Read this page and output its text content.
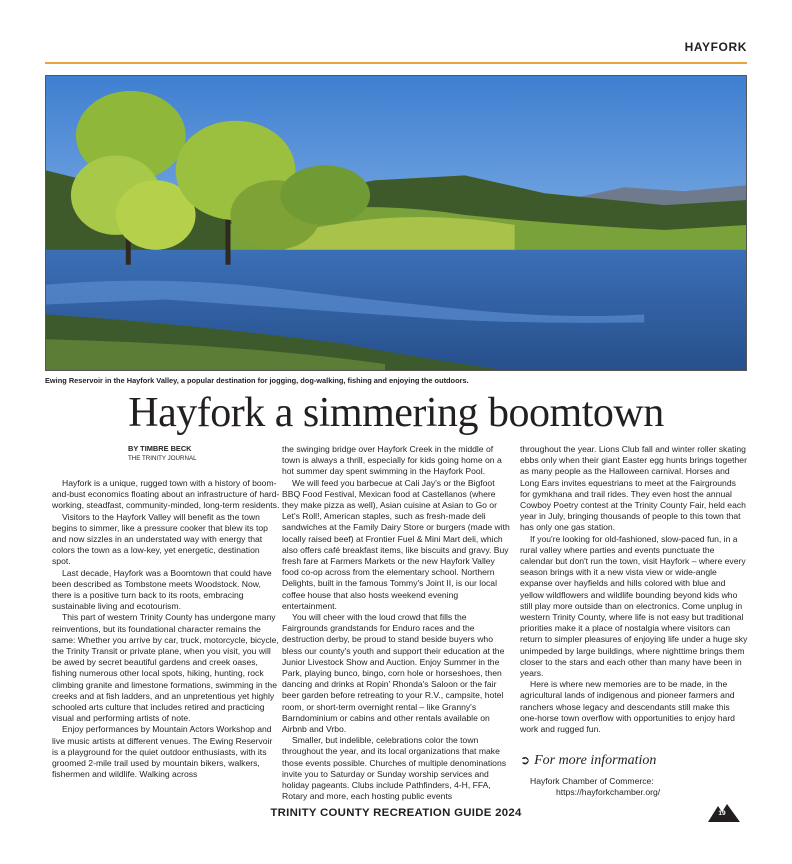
HAYFORK
Ewing Reservoir in the Hayfork Valley, a popular destination for jogging, dog-walking, fishing and enjoying the outdoors.
Hayfork a simmering boomtown
BY TIMBRE BECK
THE TRINITY JOURNAL

Hayfork is a unique, rugged town with a history of boom-and-bust economics floating about an infrastructure of hard-working, steadfast, community-minded, long-term residents.

Visitors to the Hayfork Valley will benefit as the town begins to simmer, like a pressure cooker that blew its top and now sizzles in an understated way with energy that colors the town as a low-key, yet energetic, destination spot.

Last decade, Hayfork was a Boomtown that could have been described as Tombstone meets Woodstock. Now, there is a positive turn back to its roots, embracing sustainable living and ecotourism.

This part of western Trinity County has undergone many reinventions, but its foundational character remains the same: Whether you arrive by car, truck, motorcycle, bicycle, the Trinity Transit or private plane, when you visit, you will be awed by secret beautiful gardens and creek oases, fishing numerous other local spots, hiking, hunting, rock climbing granite and limestone formations, swimming in the creeks and at fish ladders, and an unpretentious yet highly schooled arts culture that includes retired and practicing visual and performing artists of note.

Enjoy performances by Mountain Actors Workshop and live music artists at different venues. The Ewing Reservoir is a playground for the quiet outdoor enthusiasts, with its groomed 2-mile trail used by mountain bikers, walkers, fishermen and wildlife. Walking across

the swinging bridge over Hayfork Creek in the middle of town is always a thrill, especially for kids going home on a hot summer day spent swimming in the Hayfork Pool.

We will feed you barbecue at Cali Jay's or the Bigfoot BBQ Food Festival, Mexican food at Castellanos (where they make pizza as well), Asian cuisine at Asian to Go or Let's Roll!, American staples, such as fresh-made deli sandwiches at the Family Dairy Store or burgers (made with locally raised beef) at Frontier Fuel & Mini Mart deli, which also offers café breakfast items, like biscuits and gravy. Buy fresh fare at Farmers Markets or the new Hayfork Valley food co-op across from the elementary school. Northern Delights, built in the famous Tommy's Joint II, is our local coffee house that also hosts weekend evening entertainment.

You will cheer with the loud crowd that fills the Fairgrounds grandstands for Enduro races and the destruction derby, be proud to stand beside buyers who bless our county's youth and support their education at the Junior Livestock Show and Auction. Enjoy Summer in the Park, playing bunco, bingo, corn hole or horseshoes, then dancing and drinks at Ropin' Rhonda's Saloon or the fair beer garden before retreating to your R.V., campsite, hotel room, or short-term overnight rental – like Granny's Barndominium or cabins and other rentals available on Airbnb and Vrbo.

Smaller, but indelible, celebrations color the town throughout the year, and its local organizations that make those events possible. Churches of multiple denominations invite you to Saturday or Sunday worship services and holiday pageants. Clubs include Pathfinders, 4-H, FFA, Rotary and more, each hosting public events

throughout the year. Lions Club fall and winter roller skating ebbs only when their giant Easter egg hunts brings together as many people as the Halloween carnival. Horses and Long Ears invites equestrians to meet at the Fairgrounds for gymkhana and trail rides. They even host the annual Cowboy Poetry contest at the Trinity County Fair, held each year in July, bringing thousands of people to this town that has only one gas station.

If you're looking for old-fashioned, slow-paced fun, in a rural valley where parties and events punctuate the calendar but don't run the town, visit Hayfork – where every season brings with it a new vista view or wide-angle expanse over hayfields and hills colored with blue and yellow wildflowers and wildlife bounding beyond kids who still play more outside than on electronics. Come unplug in western Trinity County, where life is not easy but traditional priorities make it a place of nostalgia where visitors can return to simpler pleasures of enjoying life under a huge sky unimpeded by large buildings, where nighttime brings them closer to the stars and each other than many have been in years.

Here is where new memories are to be made, in the agricultural lands of indigenous and pioneer farmers and ranchers whose legacy and descendants still make this one-horse town overflow with opportunities to enjoy hard work and rugged fun.

➲ For more information
Hayfork Chamber of Commerce:
https://hayforkchamber.org/
TRINITY COUNTY RECREATION GUIDE 2024	19
